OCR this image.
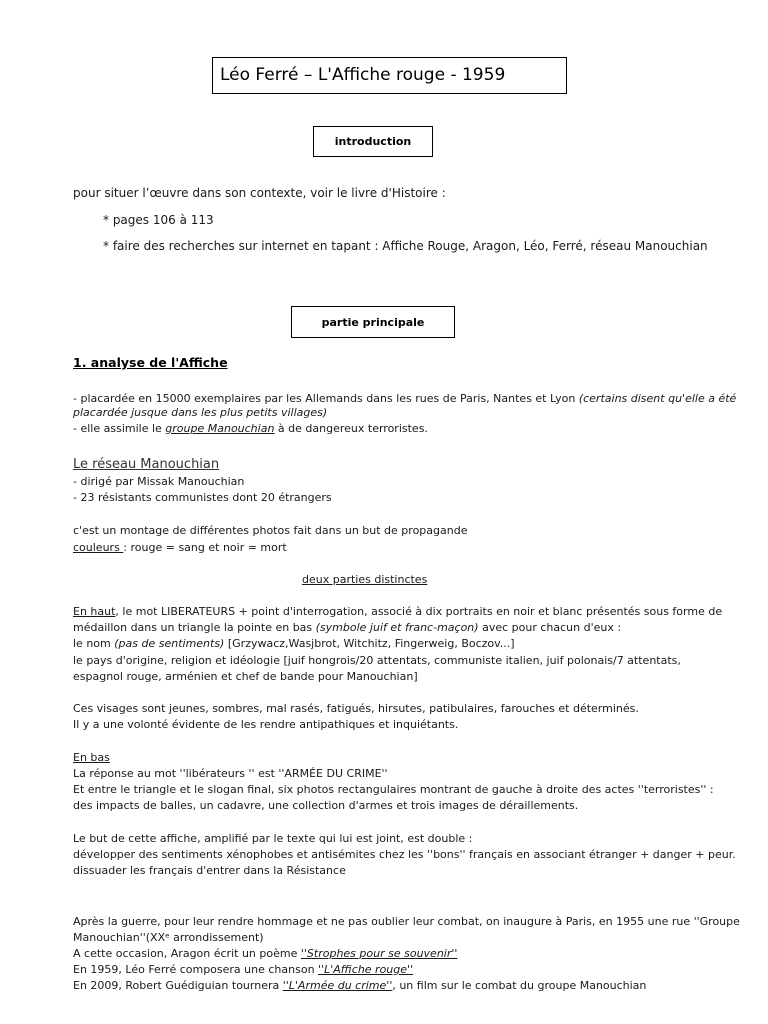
Léo Ferré – L'Affiche rouge - 1959
introduction
pour situer l’œuvre dans son contexte, voir le livre d'Histoire :
* pages 106 à 113
* faire des recherches sur internet en tapant : Affiche Rouge, Aragon, Léo, Ferré, réseau Manouchian
partie principale
1. analyse de l'Affiche
- placardée en 15000 exemplaires par les Allemands dans les rues de Paris, Nantes et Lyon (certains disent qu'elle a été
placardée jusque dans les plus petits villages)
- elle assimile le groupe Manouchian à de dangereux terroristes.
Le réseau Manouchian
- dirigé par Missak Manouchian
- 23 résistants communistes dont 20 étrangers
c'est un montage de différentes photos fait dans un but de propagande
couleurs : rouge = sang et noir = mort
deux parties distinctes
En haut, le mot LIBERATEURS + point d'interrogation, associé à dix portraits en noir et blanc présentés sous forme de
médaillon dans un triangle la pointe en bas (symbole juif et franc-maçon) avec pour chacun d'eux :
le nom (pas de sentiments) [Grzywacz,Wasjbrot, Witchitz, Fingerweig, Boczov...]
le pays d'origine, religion et idéologie [juif hongrois/20 attentats, communiste italien, juif polonais/7 attentats,
espagnol rouge, arménien et chef de bande pour Manouchian]
Ces visages sont jeunes, sombres, mal rasés, fatigués, hirsutes, patibulaires, farouches et déterminés.
Il y a une volonté évidente de les rendre antipathiques et inquiétants.
En bas
La réponse au mot ''libérateurs '' est ''ARMÉE DU CRIME''
Et entre le triangle et le slogan final, six photos rectangulaires montrant de gauche à droite des actes ''terroristes'' :
des impacts de balles, un cadavre, une collection d'armes et trois images de déraillements.
Le but de cette affiche, amplifié par le texte qui lui est joint, est double :
développer des sentiments xénophobes et antisémites chez les ''bons'' français en associant étranger + danger + peur.
dissuader les français d'entrer dans la Résistance
Après la guerre, pour leur rendre hommage et ne pas oublier leur combat, on inaugure à Paris, en 1955 une rue ''Groupe
Manouchian''(XXᵉ arrondissement)
A cette occasion, Aragon écrit un poème ''Strophes pour se souvenir''
En 1959, Léo Ferré composera une chanson ''L'Affiche rouge''
En 2009, Robert Guédiguian tournera ''L'Armée du crime'', un film sur le combat du groupe Manouchian
